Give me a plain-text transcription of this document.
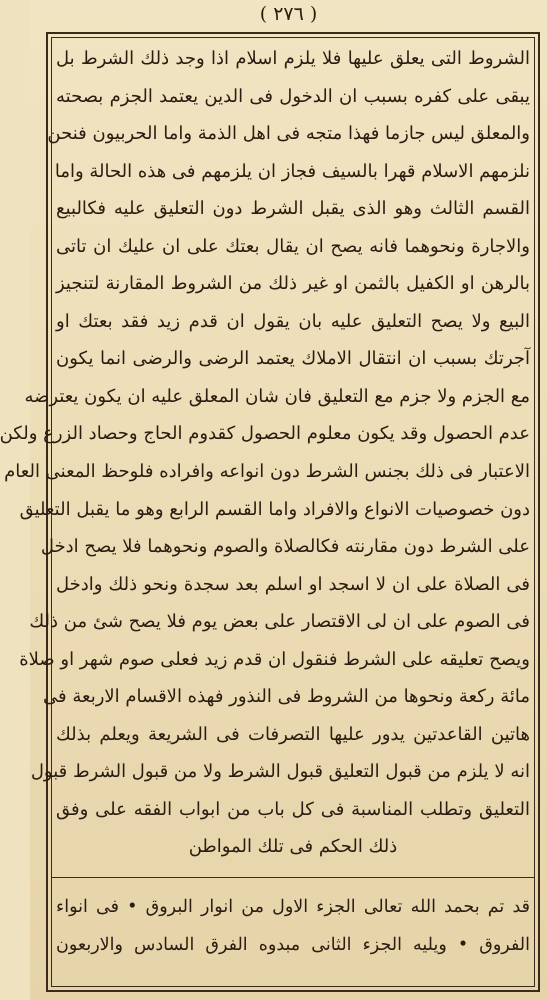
( ٢٧٦ )
الشروط التى يعلق عليها فلا يلزم اسلام اذا وجد ذلك الشرط بل
يبقى على كفره بسبب ان الدخول فى الدين يعتمد الجزم بصحته
والمعلق ليس جازما فهذا متجه فى اهل الذمة واما الحربيون فنحن
نلزمهم الاسلام قهرا بالسيف فجاز ان يلزمهم فى هذه الحالة واما
القسم الثالث وهو الذى يقبل الشرط دون التعليق عليه فكالبيع
والاجارة ونحوهما فانه يصح ان يقال بعتك على ان عليك ان تاتى
بالرهن او الكفيل بالثمن او غير ذلك من الشروط المقارنة لتنجيز
البيع ولا يصح التعليق عليه بان يقول ان قدم زيد فقد بعتك او
آجرتك بسبب ان انتقال الاملاك يعتمد الرضى والرضى انما يكون
مع الجزم ولا جزم مع التعليق فان شان المعلق عليه ان يكون يعترضه
عدم الحصول وقد يكون معلوم الحصول كقدوم الحاج وحصاد الزرع ولكن
الاعتبار فى ذلك بجنس الشرط دون انواعه وافراده فلوحظ المعنى العام
دون خصوصيات الانواع والافراد واما القسم الرابع وهو ما يقبل التعليق
على الشرط دون مقارنته فكالصلاة والصوم ونحوهما فلا يصح ادخل
فى الصلاة على ان لا اسجد او اسلم بعد سجدة ونحو ذلك وادخل
فى الصوم على ان لى الاقتصار على بعض يوم فلا يصح شئ من ذلك
ويصح تعليقه على الشرط فنقول ان قدم زيد فعلى صوم شهر او صلاة
مائة ركعة ونحوها من الشروط فى النذور فهذه الاقسام الاربعة فى
هاتين القاعدتين يدور عليها التصرفات فى الشريعة ويعلم بذلك
انه لا يلزم من قبول التعليق قبول الشرط ولا من قبول الشرط قبول
التعليق وتطلب المناسبة فى كل باب من ابواب الفقه على وفق
ذلك الحكم فى تلك المواطن
قد تم بحمد الله تعالى الجزء الاول من انوار البروق • فى انواء
الفروق • ويليه الجزء الثانى مبدوه الفرق السادس والاربعون
